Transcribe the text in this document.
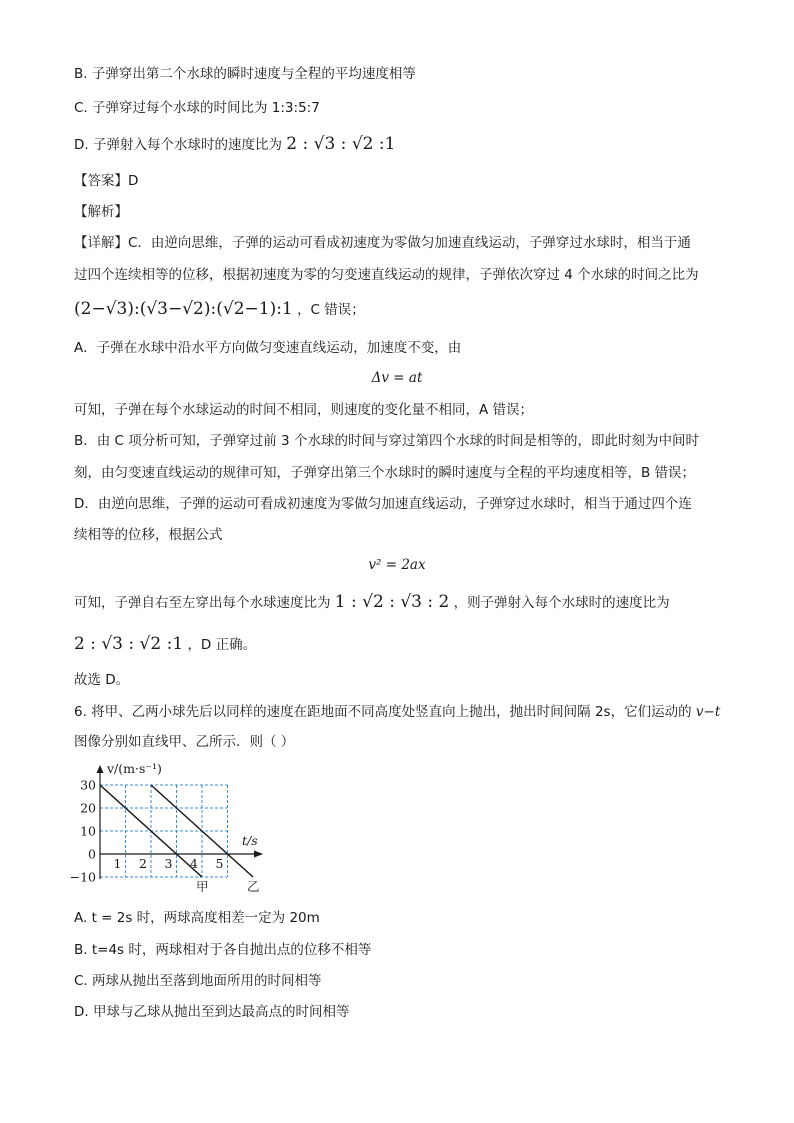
B. 子弹穿出第二个水球的瞬时速度与全程的平均速度相等
C. 子弹穿过每个水球的时间比为 1:3:5:7
D. 子弹射入每个水球时的速度比为 2 : √3 : √2 :1
【答案】D
【解析】
【详解】C．由逆向思维，子弹的运动可看成初速度为零做匀加速直线运动，子弹穿过水球时，相当于通
过四个连续相等的位移，根据初速度为零的匀变速直线运动的规律，子弹依次穿过 4 个水球的时间之比为
(2−√3):(√3−√2):(√2−1):1 ，C 错误；
A．子弹在水球中沿水平方向做匀变速直线运动，加速度不变，由
Δv = at
可知，子弹在每个水球运动的时间不相同，则速度的变化量不相同，A 错误；
B．由 C 项分析可知，子弹穿过前 3 个水球的时间与穿过第四个水球的时间是相等的，即此时刻为中间时
刻，由匀变速直线运动的规律可知，子弹穿出第三个水球时的瞬时速度与全程的平均速度相等，B 错误；
D．由逆向思维，子弹的运动可看成初速度为零做匀加速直线运动，子弹穿过水球时，相当于通过四个连
续相等的位移，根据公式
v² = 2ax
可知，子弹自右至左穿出每个水球速度比为 1 : √2 : √3 : 2 ，则子弹射入每个水球时的速度比为
2 : √3 : √2 :1 ，D 正确。
故选 D。
6. 将甲、乙两小球先后以同样的速度在距地面不同高度处竖直向上抛出，抛出时间间隔 2s，它们运动的 v−t
图像分别如直线甲、乙所示．则（ ）
甲	乙
30
20
10
0
−10
1 2 3 4 5
v/(m·s⁻¹)
t/s
A. t = 2s 时，两球高度相差一定为 20m
B. t=4s 时，两球相对于各自抛出点的位移不相等
C. 两球从抛出至落到地面所用的时间相等
D. 甲球与乙球从抛出至到达最高点的时间相等
